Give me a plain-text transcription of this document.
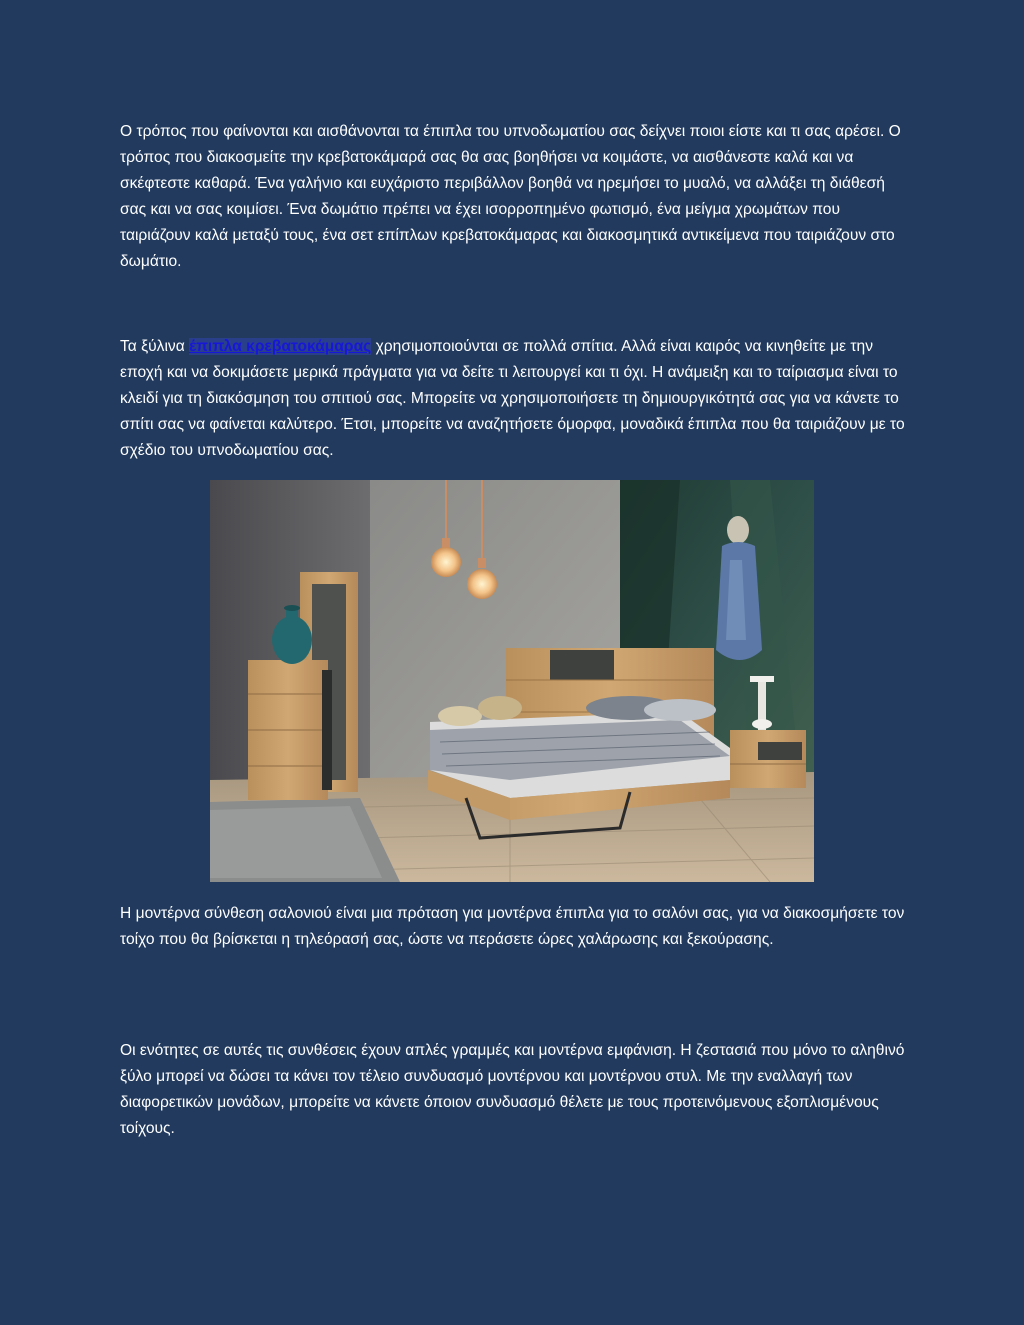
Ο τρόπος που φαίνονται και αισθάνονται τα έπιπλα του υπνοδωματίου σας δείχνει ποιοι είστε και τι σας αρέσει. Ο τρόπος που διακοσμείτε την κρεβατοκάμαρά σας θα σας βοηθήσει να κοιμάστε, να αισθάνεστε καλά και να σκέφτεστε καθαρά. Ένα γαλήνιο και ευχάριστο περιβάλλον βοηθά να ηρεμήσει το μυαλό, να αλλάξει τη διάθεσή σας και να σας κοιμίσει. Ένα δωμάτιο πρέπει να έχει ισορροπημένο φωτισμό, ένα μείγμα χρωμάτων που ταιριάζουν καλά μεταξύ τους, ένα σετ επίπλων κρεβατοκάμαρας και διακοσμητικά αντικείμενα που ταιριάζουν στο δωμάτιο.

Τα ξύλινα έπιπλα κρεβατοκάμαρας χρησιμοποιούνται σε πολλά σπίτια. Αλλά είναι καιρός να κινηθείτε με την εποχή και να δοκιμάσετε μερικά πράγματα για να δείτε τι λειτουργεί και τι όχι. Η ανάμειξη και το ταίριασμα είναι το κλειδί για τη διακόσμηση του σπιτιού σας. Μπορείτε να χρησιμοποιήσετε τη δημιουργικότητά σας για να κάνετε το σπίτι σας να φαίνεται καλύτερο. Έτσι, μπορείτε να αναζητήσετε όμορφα, μοναδικά έπιπλα που θα ταιριάζουν με το σχέδιο του υπνοδωματίου σας.

Η μοντέρνα σύνθεση σαλονιού είναι μια πρόταση για μοντέρνα έπιπλα για το σαλόνι σας, για να διακοσμήσετε τον τοίχο που θα βρίσκεται η τηλεόρασή σας, ώστε να περάσετε ώρες χαλάρωσης και ξεκούρασης.

Οι ενότητες σε αυτές τις συνθέσεις έχουν απλές γραμμές και μοντέρνα εμφάνιση. Η ζεστασιά που μόνο το αληθινό ξύλο μπορεί να δώσει τα κάνει τον τέλειο συνδυασμό μοντέρνου και μοντέρνου στυλ. Με την εναλλαγή των διαφορετικών μονάδων, μπορείτε να κάνετε όποιον συνδυασμό θέλετε με τους προτεινόμενους εξοπλισμένους τοίχους.
